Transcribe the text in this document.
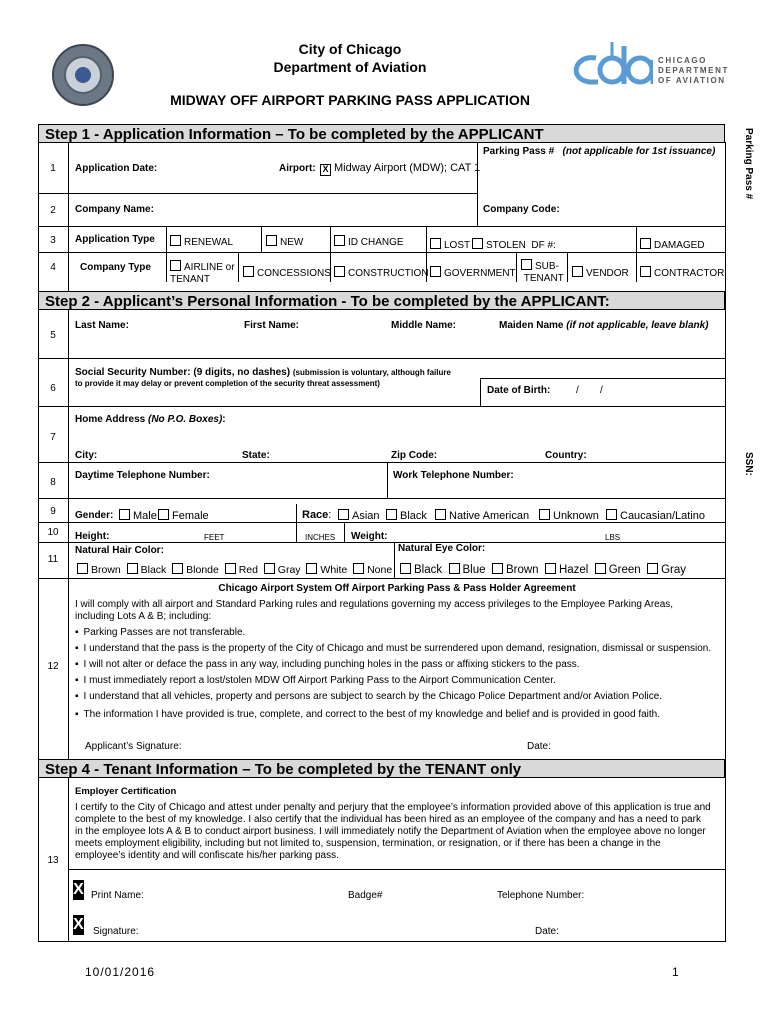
City of Chicago
Department of Aviation
MIDWAY OFF AIRPORT PARKING PASS APPLICATION
CHICAGO
DEPARTMENT
OF AVIATION
Parking Pass #
SSN:
Step 1 - Application Information – To be completed by the APPLICANT
Parking Pass # (not applicable for 1st issuance)
1	Application Date:	Airport: X Midway Airport (MDW); CAT 1
2	Company Name:	Company Code:
3	Application Type	RENEWAL	NEW	ID CHANGE	LOST	STOLEN DF #:	DAMAGED
4	Company Type	AIRLINE or
TENANT
CONCESSIONS	CONSTRUCTION	GOVERNMENT
SUB-
TENANT	VENDOR	CONTRACTOR
Step 2 - Applicant’s Personal Information - To be completed by the APPLICANT:
5
Last Name:	First Name:	Middle Name:	Maiden Name (if not applicable, leave blank)
6
Social Security Number: (9 digits, no dashes) (submission is voluntary, although failure
to provide it may delay or prevent completion of the security threat assessment)
Date of Birth:	/ /
7
Home Address (No P.O. Boxes):
City:	State:	Zip Code:	Country:
8
Daytime Telephone Number:	Work Telephone Number:
9	Gender:	Male	Female	Race:	Asian	Black	Native American	Unknown	Caucasian/Latino
10	Height:	FEET	INCHES Weight:	LBS
11
Natural Hair Color:	Natural Eye Color:
Brown Black Blonde Red Gray White None	Black Blue Brown Hazel Green Gray
12
Chicago Airport System Off Airport Parking Pass & Pass Holder Agreement
I will comply with all airport and Standard Parking rules and regulations governing my access privileges to the Employee Parking Areas,
including Lots A & B; including:
▪ Parking Passes are not transferable.
▪ I understand that the pass is the property of the City of Chicago and must be surrendered upon demand, resignation, dismissal or suspension.
▪ I will not alter or deface the pass in any way, including punching holes in the pass or affixing stickers to the pass.
▪ I must immediately report a lost/stolen MDW Off Airport Parking Pass to the Airport Communication Center.
▪ I understand that all vehicles, property and persons are subject to search by the Chicago Police Department and/or Aviation Police.
▪ The information I have provided is true, complete, and correct to the best of my knowledge and belief and is provided in good faith.
Applicant’s Signature:	Date:
Step 4 - Tenant Information – To be completed by the TENANT only
13
Employer Certification
I certify to the City of Chicago and attest under penalty and perjury that the employee’s information provided above of this application is true and
complete to the best of my knowledge. I also certify that the individual has been hired as an employee of the company and has a need to park
in the employee lots A & B to conduct airport business. I will immediately notify the Department of Aviation when the employee above no longer
meets employment eligibility, including but not limited to, suspension, termination, or resignation, or if there has been a change in the
employee’s identity and will confiscate his/her parking pass.
X Print Name:	Badge#	Telephone Number:
X Signature:	Date:
10/01/2016	1
